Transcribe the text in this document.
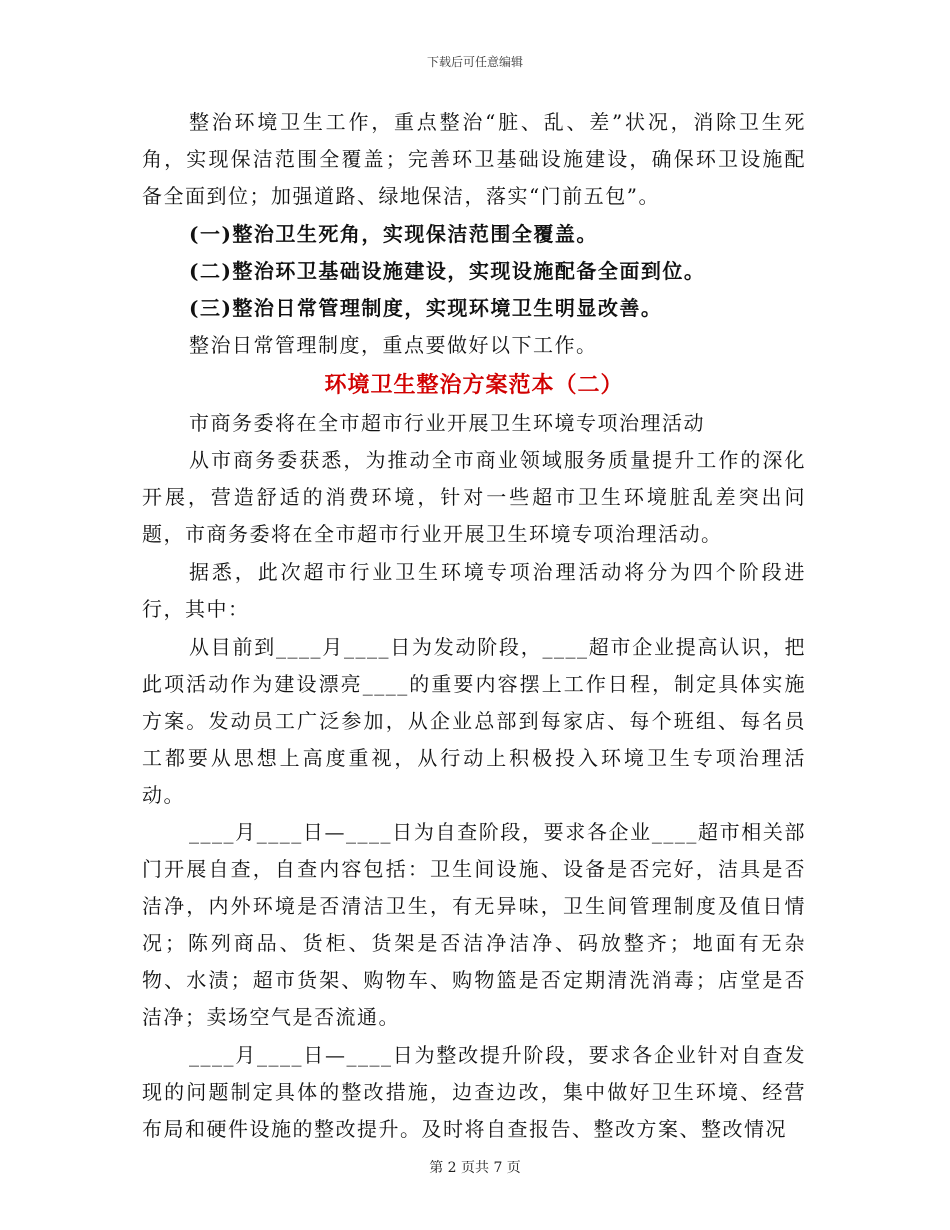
下载后可任意编辑

整治环境卫生工作，重点整治“脏、乱、差”状况，消除卫生死角，实现保洁范围全覆盖；完善环卫基础设施建设，确保环卫设施配备全面到位；加强道路、绿地保洁，落实“门前五包”。

(一)整治卫生死角，实现保洁范围全覆盖。

(二)整治环卫基础设施建设，实现设施配备全面到位。

(三)整治日常管理制度，实现环境卫生明显改善。

整治日常管理制度，重点要做好以下工作。

环境卫生整治方案范本（二）

市商务委将在全市超市行业开展卫生环境专项治理活动

从市商务委获悉，为推动全市商业领域服务质量提升工作的深化开展，营造舒适的消费环境，针对一些超市卫生环境脏乱差突出问题，市商务委将在全市超市行业开展卫生环境专项治理活动。

据悉，此次超市行业卫生环境专项治理活动将分为四个阶段进行，其中：

从目前到____月____日为发动阶段，____超市企业提高认识，把此项活动作为建设漂亮____的重要内容摆上工作日程，制定具体实施方案。发动员工广泛参加，从企业总部到每家店、每个班组、每名员工都要从思想上高度重视，从行动上积极投入环境卫生专项治理活动。

____月____日—____日为自查阶段，要求各企业____超市相关部门开展自查，自查内容包括：卫生间设施、设备是否完好，洁具是否洁净，内外环境是否清洁卫生，有无异味，卫生间管理制度及值日情况；陈列商品、货柜、货架是否洁净洁净、码放整齐；地面有无杂物、水渍；超市货架、购物车、购物篮是否定期清洗消毒；店堂是否洁净；卖场空气是否流通。

____月____日—____日为整改提升阶段，要求各企业针对自查发现的问题制定具体的整改措施，边查边改，集中做好卫生环境、经营布局和硬件设施的整改提升。及时将自查报告、整改方案、整改情况

第 2 页共 7 页
